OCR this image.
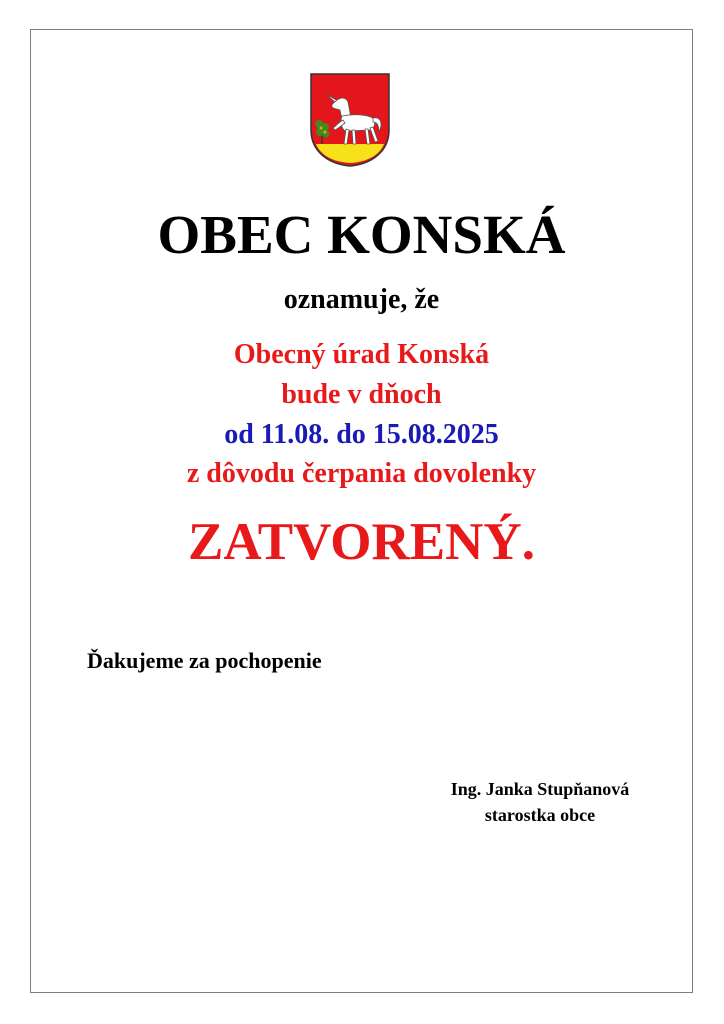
OBEC KONSKÁ

oznamuje, že

Obecný úrad Konská

bude v dňoch

od 11.08. do 15.08.2025

z dôvodu čerpania dovolenky

ZATVORENÝ.

Ďakujeme za pochopenie

Ing. Janka Stupňanová
starostka obce
